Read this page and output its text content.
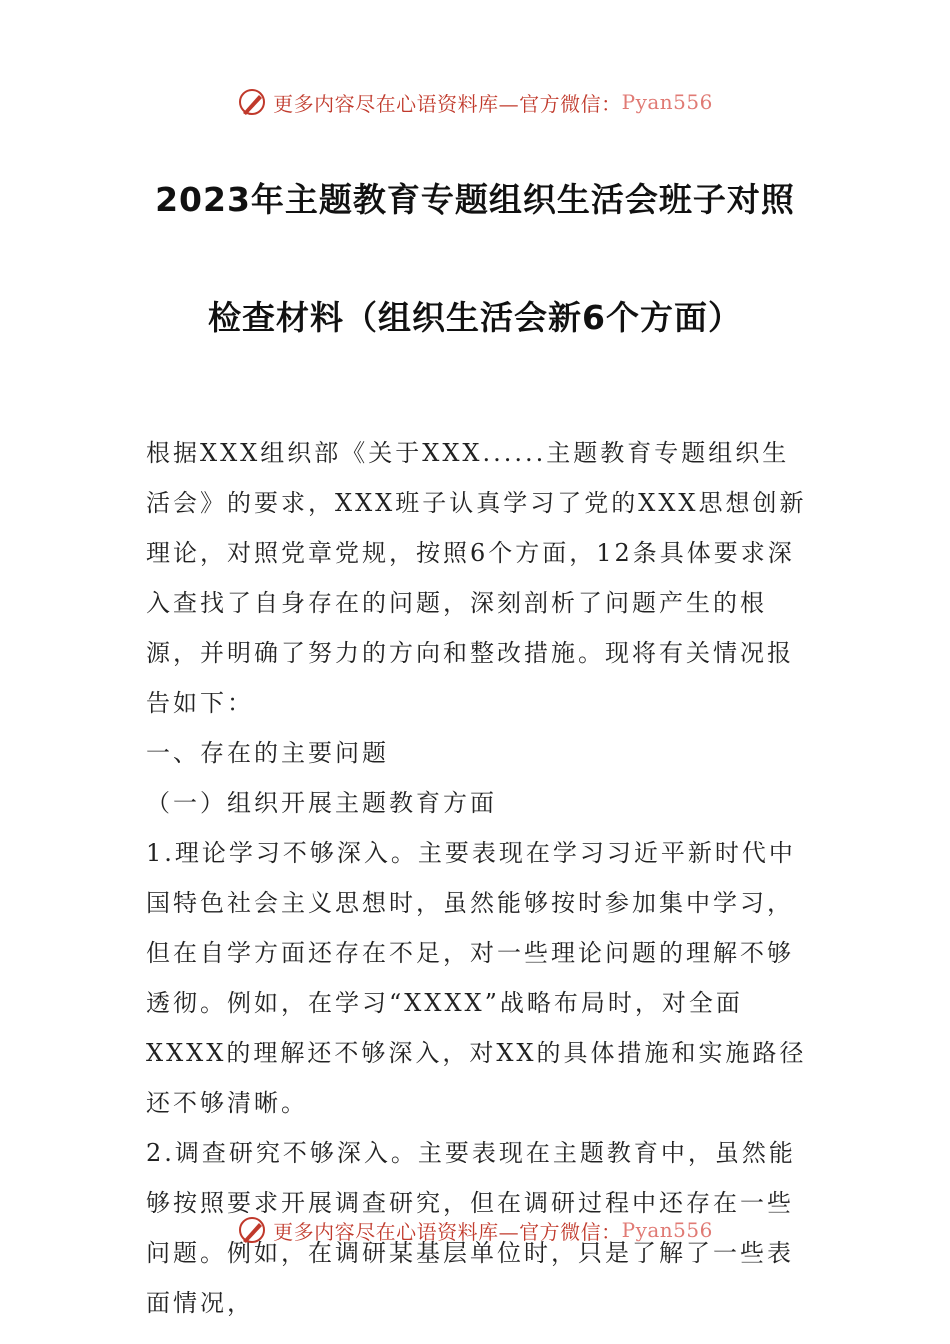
更多内容尽在心语资料库—官方微信： Pyan556
2023年主题教育专题组织生活会班子对照
检查材料（组织生活会新6个方面）

根据XXX组织部《关于XXX......主题教育专题组织生活会》的要求，XXX班子认真学习了党的XXX思想创新理论，对照党章党规，按照6个方面，12条具体要求深入查找了自身存在的问题，深刻剖析了问题产生的根源，并明确了努力的方向和整改措施。现将有关情况报告如下：

一、存在的主要问题

（一）组织开展主题教育方面

1.理论学习不够深入。主要表现在学习习近平新时代中国特色社会主义思想时，虽然能够按时参加集中学习，但在自学方面还存在不足，对一些理论问题的理解不够透彻。例如，在学习“XXXX”战略布局时，对全面XXXX的理解还不够深入，对XX的具体措施和实施路径还不够清晰。

2.调查研究不够深入。主要表现在主题教育中，虽然能够按照要求开展调查研究，但在调研过程中还存在一些问题。例如，在调研某基层单位时，只是了解了一些表面情况，

更多内容尽在心语资料库—官方微信： Pyan556
